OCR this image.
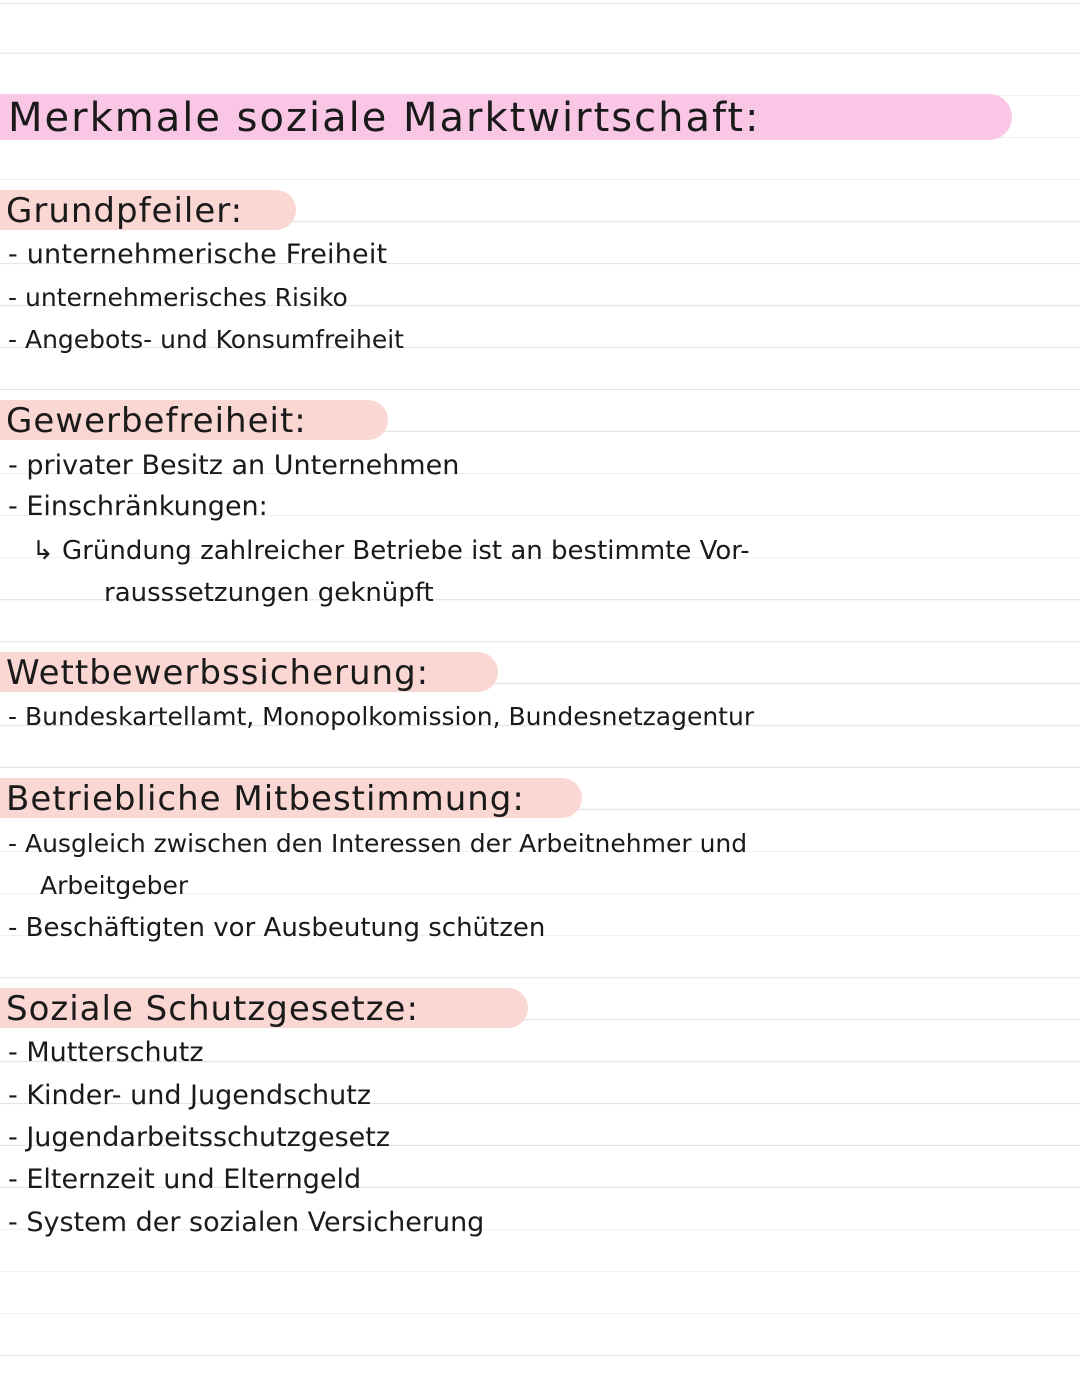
Merkmale soziale Marktwirtschaft:
Grundpfeiler:
- unternehmerische Freiheit
- unternehmerisches Risiko
- Angebots- und Konsumfreiheit
Gewerbefreiheit:
- privater Besitz an Unternehmen
- Einschränkungen:
↳ Gründung zahlreicher Betriebe ist an bestimmte Vor-
rausssetzungen geknüpft
Wettbewerbssicherung:
- Bundeskartellamt, Monopolkomission, Bundesnetzagentur
Betriebliche Mitbestimmung:
- Ausgleich zwischen den Interessen der Arbeitnehmer und
Arbeitgeber
- Beschäftigten vor Ausbeutung schützen
Soziale Schutzgesetze:
- Mutterschutz
- Kinder- und Jugendschutz
- Jugendarbeitsschutzgesetz
- Elternzeit und Elterngeld
- System der sozialen Versicherung
